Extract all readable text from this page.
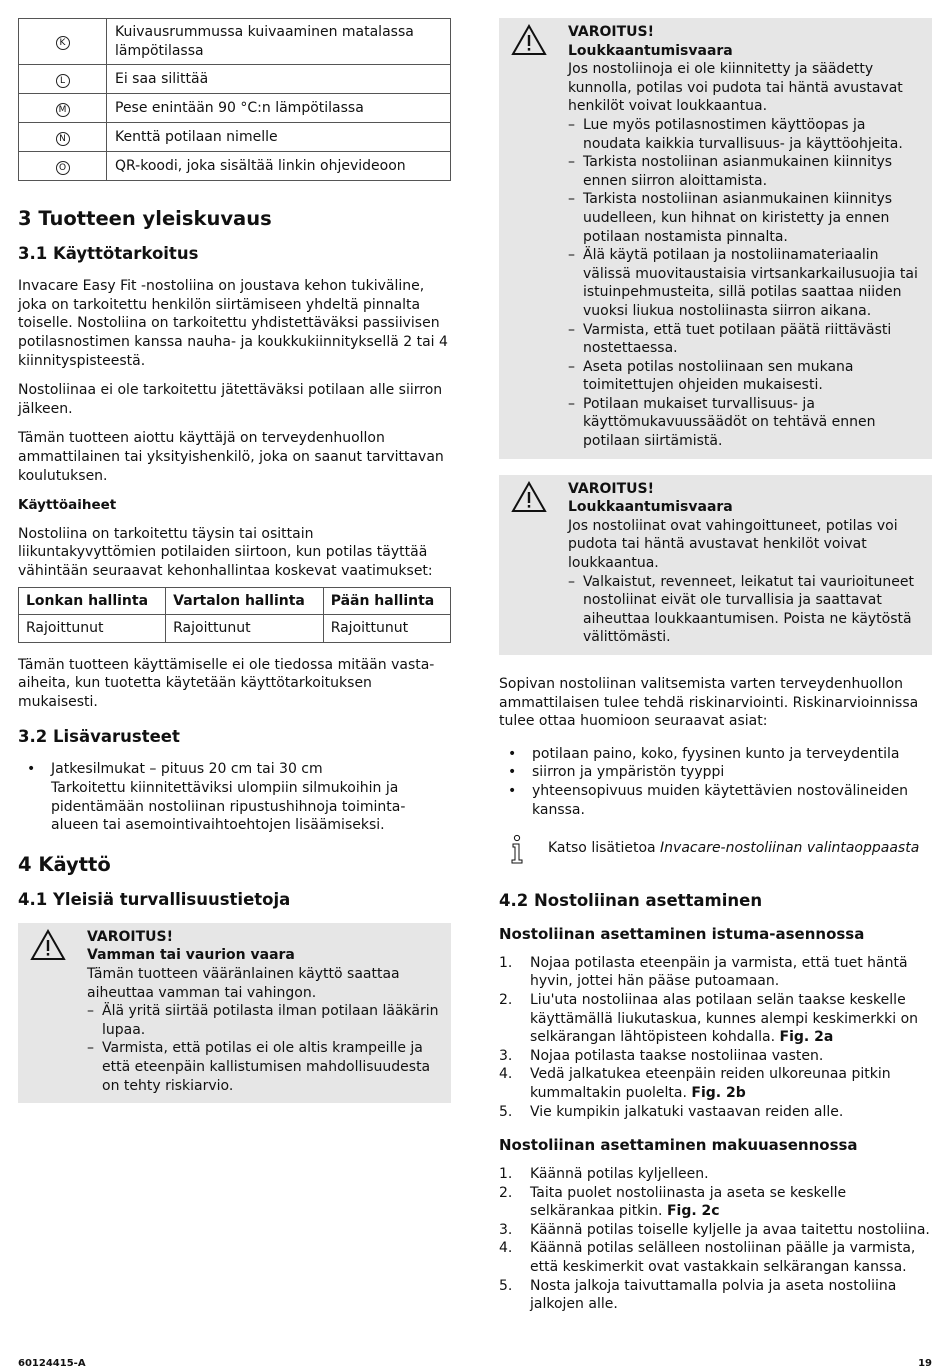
K	Kuivausrummussa kuivaaminen matalassa lämpötilassa
L	Ei saa silittää
M	Pese enintään 90 °C:n lämpötilassa
N	Kenttä potilaan nimelle
O	QR-koodi, joka sisältää linkin ohjevideoon
3 Tuotteen yleiskuvaus
3.1 Käyttötarkoitus

Invacare Easy Fit -nostoliina on joustava kehon tukiväline, joka on tarkoitettu henkilön siirtämiseen yhdeltä pinnalta toiselle. Nostoliina on tarkoitettu yhdistettäväksi passiivisen potilasnostimen kanssa nauha- ja koukkukiinnityksellä 2 tai 4 kiinnityspisteestä.

Nostoliinaa ei ole tarkoitettu jätettäväksi potilaan alle siirron jälkeen.

Tämän tuotteen aiottu käyttäjä on terveydenhuollon ammattilainen tai yksityishenkilö, joka on saanut tarvittavan koulutuksen.

Käyttöaiheet

Nostoliina on tarkoitettu täysin tai osittain liikuntakyvyttömien potilaiden siirtoon, kun potilas täyttää vähintään seuraavat kehonhallintaa koskevat vaatimukset:

Lonkan hallinta	Vartalon hallinta	Pään hallinta
Rajoittunut	Rajoittunut	Rajoittunut

Tämän tuotteen käyttämiselle ei ole tiedossa mitään vasta-aiheita, kun tuotetta käytetään käyttötarkoituksen mukaisesti.

3.2 Lisävarusteet
• Jatkesilmukat – pituus 20 cm tai 30 cm
Tarkoitettu kiinnitettäviksi ulompiin silmukoihin ja pidentämään nostoliinan ripustushihnoja toiminta-alueen tai asemointivaihtoehtojen lisäämiseksi.
4 Käyttö
4.1 Yleisiä turvallisuustietoja
VAROITUS!
Vamman tai vaurion vaara
Tämän tuotteen vääränlainen käyttö saattaa aiheuttaa vamman tai vahingon.
– Älä yritä siirtää potilasta ilman potilaan lääkärin lupaa.
– Varmista, että potilas ei ole altis krampeille ja että eteenpäin kallistumisen mahdollisuudesta on tehty riskiarvio.
VAROITUS!
Loukkaantumisvaara
Jos nostoliinoja ei ole kiinnitetty ja säädetty kunnolla, potilas voi pudota tai häntä avustavat henkilöt voivat loukkaantua.
– Lue myös potilasnostimen käyttöopas ja noudata kaikkia turvallisuus- ja käyttöohjeita.
– Tarkista nostoliinan asianmukainen kiinnitys ennen siirron aloittamista.
– Tarkista nostoliinan asianmukainen kiinnitys uudelleen, kun hihnat on kiristetty ja ennen potilaan nostamista pinnalta.
– Älä käytä potilaan ja nostoliinamateriaalin välissä muovitaustaisia virtsankarkailusuojia tai istuinpehmusteita, sillä potilas saattaa niiden vuoksi liukua nostoliinasta siirron aikana.
– Varmista, että tuet potilaan päätä riittävästi nostettaessa.
– Aseta potilas nostoliinaan sen mukana toimitettujen ohjeiden mukaisesti.
– Potilaan mukaiset turvallisuus- ja käyttömukavuussäädöt on tehtävä ennen potilaan siirtämistä.
VAROITUS!
Loukkaantumisvaara
Jos nostoliinat ovat vahingoittuneet, potilas voi pudota tai häntä avustavat henkilöt voivat loukkaantua.
– Valkaistut, revenneet, leikatut tai vaurioituneet nostoliinat eivät ole turvallisia ja saattavat aiheuttaa loukkaantumisen. Poista ne käytöstä välittömästi.

Sopivan nostoliinan valitsemista varten terveydenhuollon ammattilaisen tulee tehdä riskinarviointi. Riskinarvioinnissa tulee ottaa huomioon seuraavat asiat:

• potilaan paino, koko, fyysinen kunto ja terveydentila
• siirron ja ympäristön tyyppi
• yhteensopivuus muiden käytettävien nostovälineiden kanssa.
Katso lisätietoa Invacare-nostoliinan valintaoppaasta
4.2 Nostoliinan asettaminen
Nostoliinan asettaminen istuma-asennossa
1. Nojaa potilasta eteenpäin ja varmista, että tuet häntä hyvin, jottei hän pääse putoamaan.
2. Liu'uta nostoliinaa alas potilaan selän taakse keskelle käyttämällä liukutaskua, kunnes alempi keskimerkki on selkärangan lähtöpisteen kohdalla. Fig. 2a
3. Nojaa potilasta taakse nostoliinaa vasten.
4. Vedä jalkatukea eteenpäin reiden ulkoreunaa pitkin kummaltakin puolelta. Fig. 2b
5. Vie kumpikin jalkatuki vastaavan reiden alle.
Nostoliinan asettaminen makuuasennossa
1. Käännä potilas kyljelleen.
2. Taita puolet nostoliinasta ja aseta se keskelle selkärankaa pitkin. Fig. 2c
3. Käännä potilas toiselle kyljelle ja avaa taitettu nostoliina.
4. Käännä potilas selälleen nostoliinan päälle ja varmista, että keskimerkit ovat vastakkain selkärangan kanssa.
5. Nosta jalkoja taivuttamalla polvia ja aseta nostoliina jalkojen alle.
60124415-A	19
